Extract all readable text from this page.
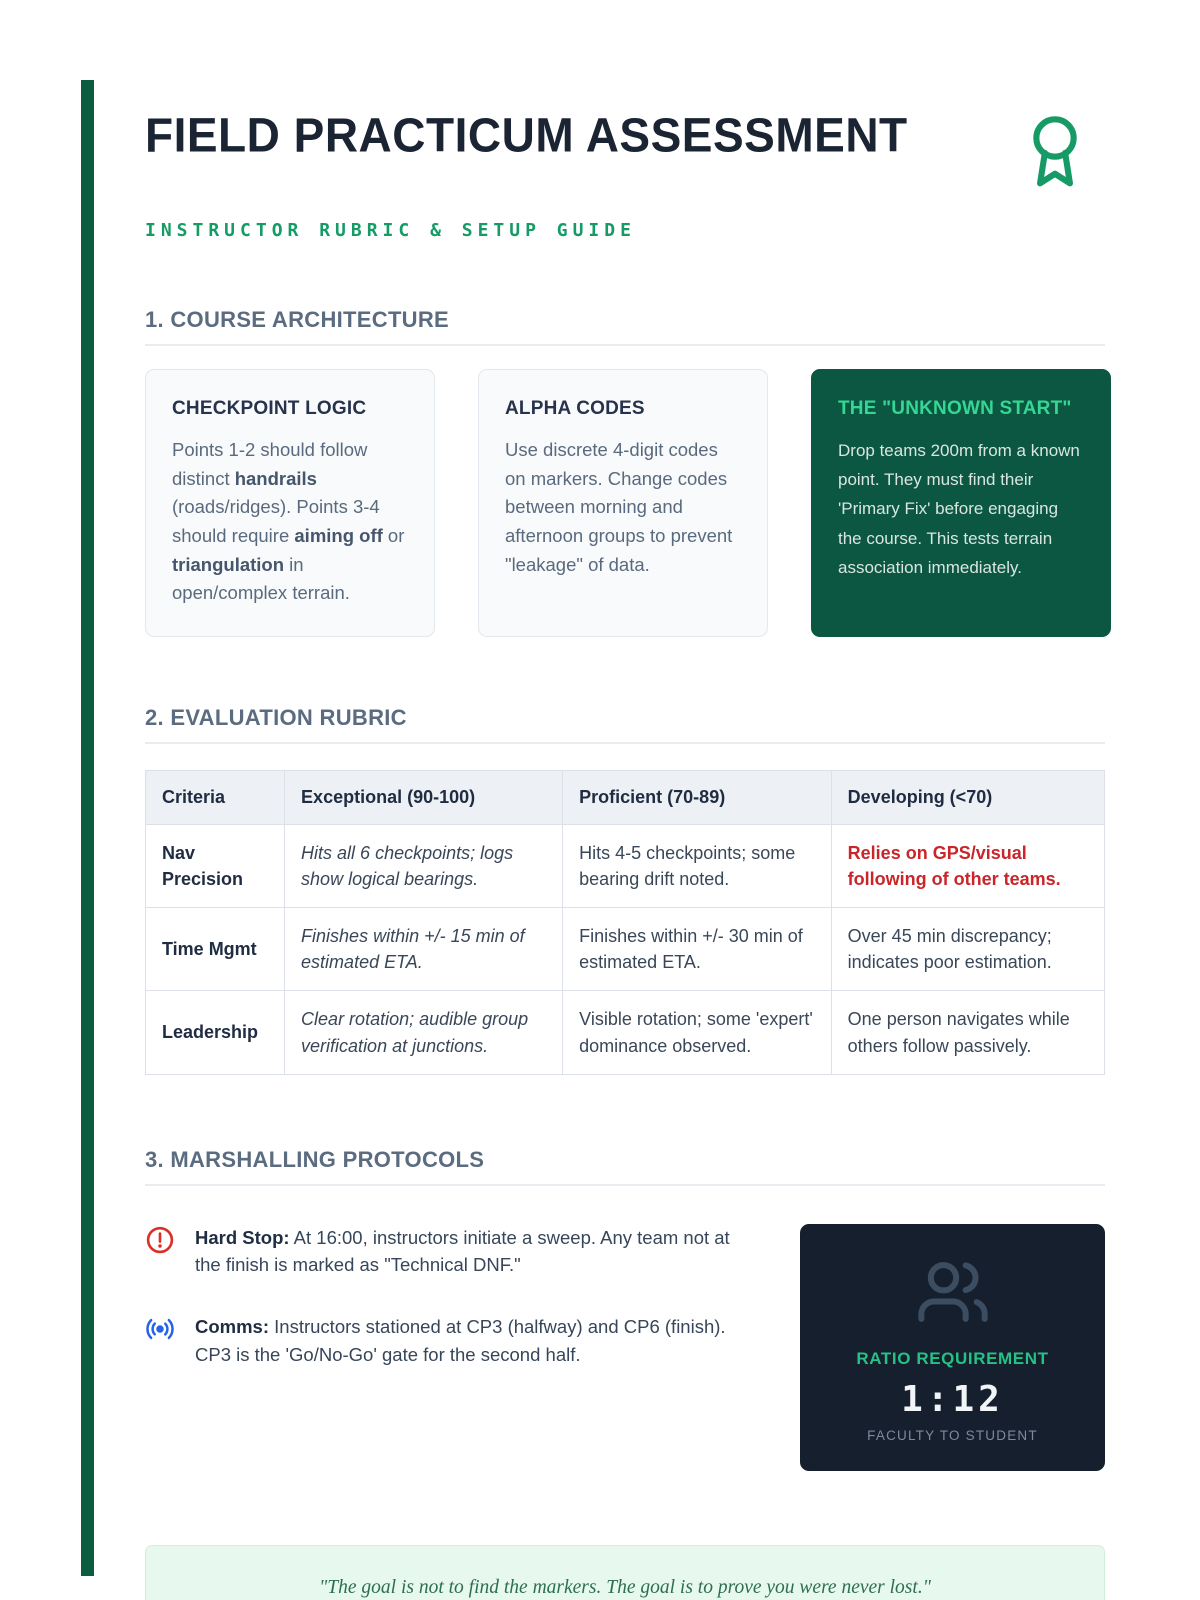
FIELD PRACTICUM ASSESSMENT
INSTRUCTOR RUBRIC & SETUP GUIDE
1. COURSE ARCHITECTURE
CHECKPOINT LOGIC

Points 1-2 should follow distinct handrails (roads/ridges). Points 3-4 should require aiming off or triangulation in open/complex terrain.

ALPHA CODES

Use discrete 4-digit codes on markers. Change codes between morning and afternoon groups to prevent "leakage" of data.

THE "UNKNOWN START"

Drop teams 200m from a known point. They must find their 'Primary Fix' before engaging the course. This tests terrain association immediately.

2. EVALUATION RUBRIC
Criteria	Exceptional (90-100)	Proficient (70-89)	Developing (<70)
Nav Precision	Hits all 6 checkpoints; logs show logical bearings.	Hits 4-5 checkpoints; some bearing drift noted.	Relies on GPS/visual following of other teams.
Time Mgmt	Finishes within +/- 15 min of estimated ETA.	Finishes within +/- 30 min of estimated ETA.	Over 45 min discrepancy; indicates poor estimation.
Leadership	Clear rotation; audible group verification at junctions.	Visible rotation; some 'expert' dominance observed.	One person navigates while others follow passively.
3. MARSHALLING PROTOCOLS

Hard Stop: At 16:00, instructors initiate a sweep. Any team not at the finish is marked as "Technical DNF."

Comms: Instructors stationed at CP3 (halfway) and CP6 (finish). CP3 is the 'Go/No-Go' gate for the second half.	RATIO REQUIREMENT
1:12
FACULTY TO STUDENT

"The goal is not to find the markers. The goal is to prove you were never lost."
